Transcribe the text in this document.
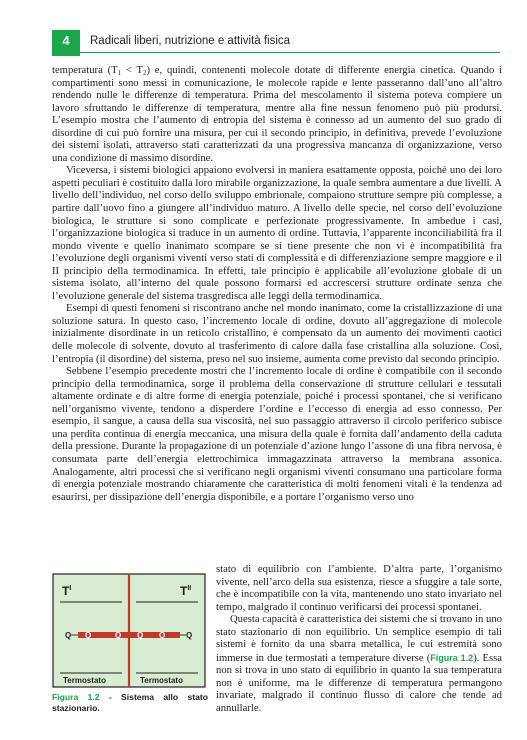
4	Radicali liberi, nutrizione e attività fisica

temperatura $(T_1 < T_2)$ e, quindi, contenenti molecole dotate di differente energia cinetica. Quando i compartimenti sono messi in comunicazione, le molecole rapide e lente passeranno dall’uno all’altro rendendo nulle le differenze di temperatura. Prima del mescolamento il sistema poteva compiere un lavoro sfruttando le differenze di temperatura, mentre alla fine nessun fenomeno può più prodursi. L’esempio mostra che l’aumento di entropia del sistema è connesso ad un aumento del suo grado di disordine di cui può fornire una misura, per cui il secondo principio, in definitiva, prevede l’evoluzione dei sistemi isolati, attraverso stati caratterizzati da una progressiva mancanza di organizzazione, verso una condizione di massimo disordine.

Viceversa, i sistemi biologici appaiono evolversi in maniera esattamente opposta, poiché uno dei loro aspetti peculiari è costituito dalla loro mirabile organizzazione, la quale sembra aumentare a due livelli. A livello dell’individuo, nel corso dello sviluppo embrionale, compaiono strutture sempre più complesse, a partire dall’uovo fino a giungere all’individuo maturo. A livello delle specie, nel corso dell’evoluzione biologica, le strutture si sono complicate e perfezionate progressivamente. In ambedue i casi, l’organizzazione biologica si traduce in un aumento di ordine. Tuttavia, l’apparente inconciliabilità fra il mondo vivente e quello inanimato scompare se si tiene presente che non vi è incompatibilità fra l’evoluzione degli organismi viventi verso stati di complessità e di differenziazione sempre maggiore e il II principio della termodinamica. In effetti, tale principio è applicabile all’evoluzione globale di un sistema isolato, all’interno del quale possono formarsi ed accrescersi strutture ordinate senza che l’evoluzione generale del sistema trasgredisca alle leggi della termodinamica.

Esempi di questi fenomeni si riscontrano anche nel mondo inanimato, come la cristallizzazione di una soluzione satura. In questo caso, l’incremento locale di ordine, dovuto all’aggregazione di molecole inizialmente disordinate in un reticolo cristallino, è compensato da un aumento dei movimenti caotici delle molecole di solvente, dovuto al trasferimento di calore dalla fase cristallina alla soluzione. Così, l’entropia (il disordine) del sistema, preso nel suo insieme, aumenta come previsto dal secondo principio.

Sebbene l’esempio precedente mostri che l’incremento locale di ordine è compatibile con il secondo principio della termodinamica, sorge il problema della conservazione di strutture cellulari e tessutali altamente ordinate e di altre forme di energia potenziale, poiché i processi spontanei, che si verificano nell’organismo vivente, tendono a disperdere l’ordine e l’eccesso di energia ad esso connesso. Per esempio, il sangue, a causa della sua viscosità, nel suo passaggio attraverso il circolo periferico subisce una perdita continua di energia meccanica, una misura della quale è fornita dall’andamento della caduta della pressione. Durante la propagazione di un potenziale d’azione lungo l’assone di una fibra nervosa, è consumata parte dell’energia elettrochimica immagazzinata attraverso la membrana assonica. Analogamente, altri processi che si verificano negli organismi viventi consumano una particolare forma di energia potenziale mostrando chiaramente che caratteristica di molti fenomeni vitali è la tendenza ad esaurirsi, per dissipazione dell’energia disponibile, e a portare l’organismo verso uno

$T^I$	$T^{II}$
Q Q	Q Q Q	Q
Termostato	Termostato
Figura 1.2 - Sistema allo stato stazionario.

stato di equilibrio con l’ambiente. D’altra parte, l’organismo vivente, nell’arco della sua esistenza, riesce a sfuggire a tale sorte, che è incompatibile con la vita, mantenendo uno stato invariato nel tempo, malgrado il continuo verificarsi dei processi spontanei.

Questa capacità è caratteristica dei sistemi che si trovano in uno stato stazionario di non equilibrio. Un semplice esempio di tali sistemi è fornito da una sbarra metallica, le cui estremità sono immerse in due termostati a temperature diverse (Figura 1.2). Essa non si trova in uno stato di equilibrio in quanto la sua temperatura non è uniforme, ma le differenze di temperatura permangono invariate, malgrado il continuo flusso di calore che tende ad annullarle.
